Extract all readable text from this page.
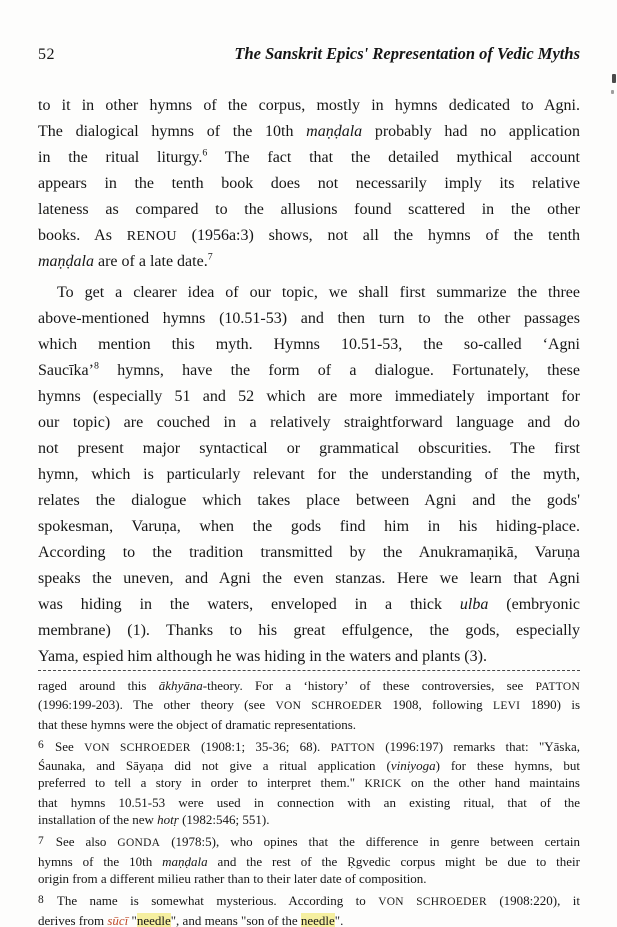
52	The Sanskrit Epics' Representation of Vedic Myths
to it in other hymns of the corpus, mostly in hymns dedicated to Agni.
The dialogical hymns of the 10th maṇḍala probably had no application
in the ritual liturgy.$^6$ The fact that the detailed mythical account
appears in the tenth book does not necessarily imply its relative
lateness as compared to the allusions found scattered in the other
books. As RENOU (1956a:3) shows, not all the hymns of the tenth
maṇḍala are of a late date.$^7$
To get a clearer idea of our topic, we shall first summarize the three
above-mentioned hymns (10.51-53) and then turn to the other passages
which mention this myth. Hymns 10.51-53, the so-called ‘Agni
Saucīka’$^8$ hymns, have the form of a dialogue. Fortunately, these
hymns (especially 51 and 52 which are more immediately important for
our topic) are couched in a relatively straightforward language and do
not present major syntactical or grammatical obscurities. The first
hymn, which is particularly relevant for the understanding of the myth,
relates the dialogue which takes place between Agni and the gods'
spokesman, Varuṇa, when the gods find him in his hiding-place.
According to the tradition transmitted by the Anukramaṇikā, Varuṇa
speaks the uneven, and Agni the even stanzas. Here we learn that Agni
was hiding in the waters, enveloped in a thick ulba (embryonic
membrane) (1). Thanks to his great effulgence, the gods, especially
Yama, espied him although he was hiding in the waters and plants (3).
raged around this ākhyāna-theory. For a ‘history’ of these controversies, see PATTON
(1996:199-203). The other theory (see VON SCHROEDER 1908, following LEVI 1890) is
that these hymns were the object of dramatic representations.
$^6$ See VON SCHROEDER (1908:1; 35-36; 68). PATTON (1996:197) remarks that: "Yāska,
Śaunaka, and Sāyaṇa did not give a ritual application (viniyoga) for these hymns, but
preferred to tell a story in order to interpret them." KRICK on the other hand maintains
that hymns 10.51-53 were used in connection with an existing ritual, that of the
installation of the new hotṛ (1982:546; 551).
$^7$ See also GONDA (1978:5), who opines that the difference in genre between certain
hymns of the 10th maṇḍala and the rest of the Ṛgvedic corpus might be due to their
origin from a different milieu rather than to their later date of composition.
$^8$ The name is somewhat mysterious. According to VON SCHROEDER (1908:220), it
derives from sūcī "needle", and means "son of the needle".
